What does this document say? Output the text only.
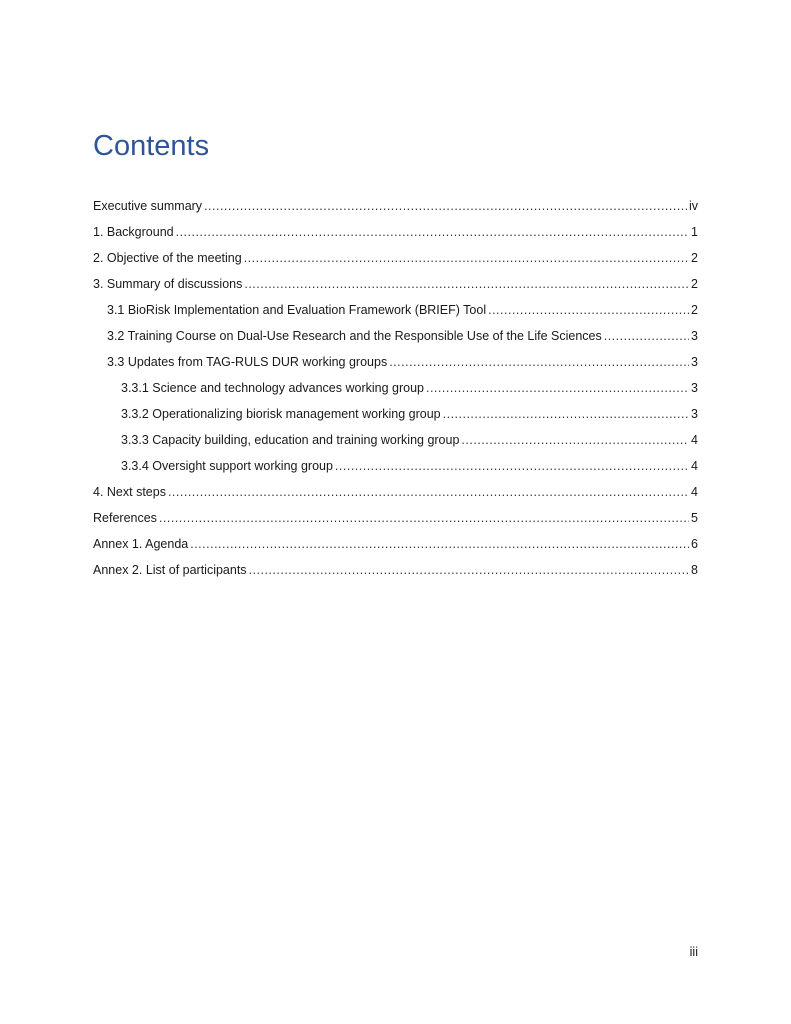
Contents
Executive summary .....	iv
1. Background .....	1
2. Objective of the meeting .....	2
3. Summary of discussions .....	2
3.1 BioRisk Implementation and Evaluation Framework (BRIEF) Tool .....	2
3.2 Training Course on Dual-Use Research and the Responsible Use of the Life Sciences .....	3
3.3 Updates from TAG-RULS DUR working groups .....	3
3.3.1 Science and technology advances working group .....	3
3.3.2 Operationalizing biorisk management working group .....	3
3.3.3 Capacity building, education and training working group .....	4
3.3.4 Oversight support working group .....	4
4. Next steps .....	4
References .....	5
Annex 1. Agenda .....	6
Annex 2. List of participants .....	8
iii
